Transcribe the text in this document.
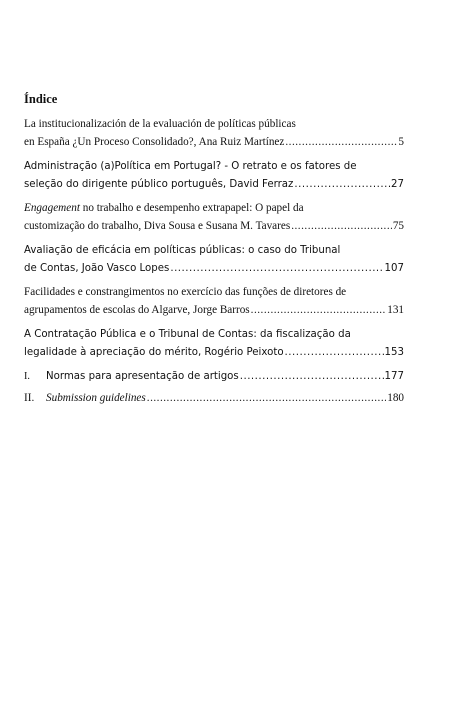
Índice
La institucionalización de la evaluación de políticas públicas
en España ¿Un Proceso Consolidado?, Ana Ruiz Martínez .....	5
Administração (a)Política em Portugal? - O retrato e os fatores de
seleção do dirigente público português, David Ferraz .....	27
Engagement no trabalho e desempenho extrapapel: O papel da
customização do trabalho, Diva Sousa e Susana M. Tavares .....	75
Avaliação de eficácia em políticas públicas: o caso do Tribunal
de Contas, João Vasco Lopes .....	107
Facilidades e constrangimentos no exercício das funções de diretores de
agrupamentos de escolas do Algarve, Jorge Barros .....	131
A Contratação Pública e o Tribunal de Contas: da fiscalização da
legalidade à apreciação do mérito, Rogério Peixoto .....	153
I. Normas para apresentação de artigos .....	177
II. Submission guidelines .....	180
